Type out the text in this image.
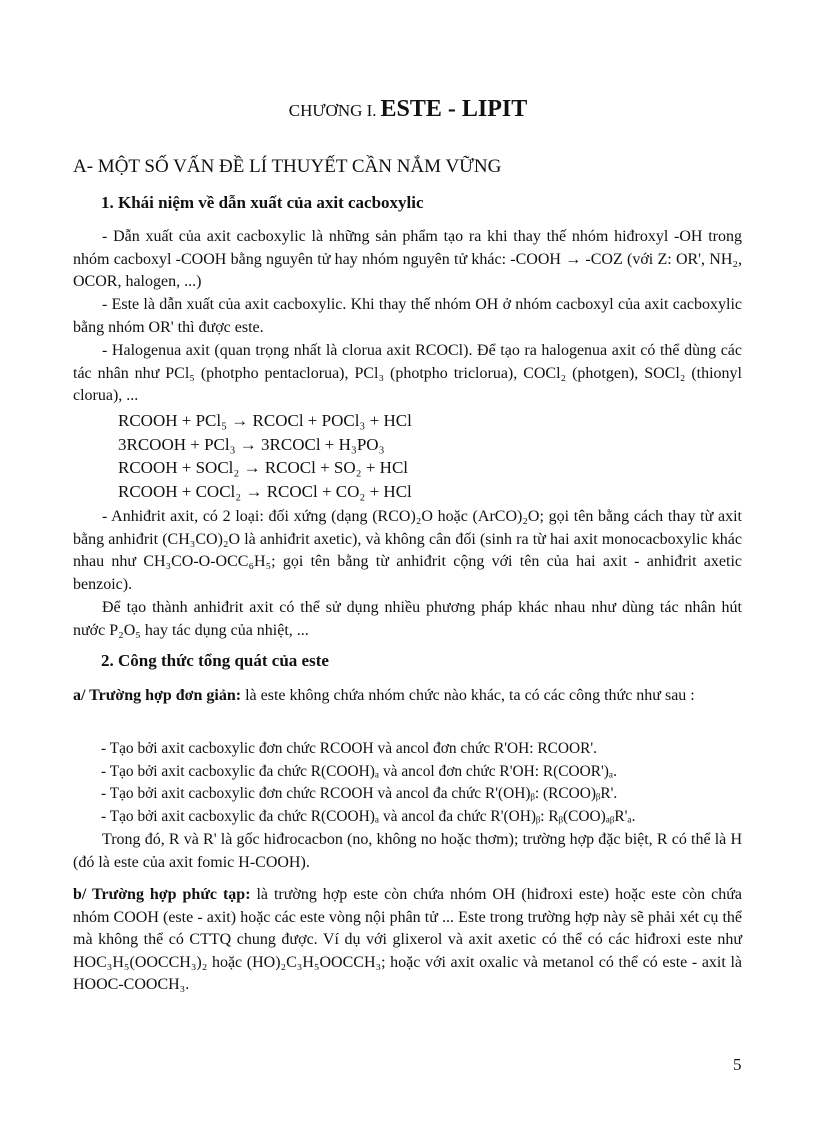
CHƯƠNG I. ESTE - LIPIT
A- MỘT SỐ VẤN ĐỀ LÍ THUYẾT CẦN NẮM VỮNG
1. Khái niệm về dẫn xuất của axit cacboxylic

- Dẫn xuất của axit cacboxylic là những sản phẩm tạo ra khi thay thế nhóm hiđroxyl -OH trong nhóm cacboxyl -COOH bằng nguyên tử hay nhóm nguyên tử khác: -COOH → -COZ (với Z: OR', NH₂, OCOR, halogen, ...)

- Este là dẫn xuất của axit cacboxylic. Khi thay thế nhóm OH ở nhóm cacboxyl của axit cacboxylic bằng nhóm OR' thì được este.

- Halogenua axit (quan trọng nhất là clorua axit RCOCl). Để tạo ra halogenua axit có thể dùng các tác nhân như PCl₅ (photpho pentaclorua), PCl₃ (photpho triclorua), COCl₂ (photgen), SOCl₂ (thionyl clorua), ...

RCOOH + PCl₅ → RCOCl + POCl₃ + HCl
3RCOOH + PCl₃ → 3RCOCl + H₃PO₃
RCOOH + SOCl₂ → RCOCl + SO₂ + HCl
RCOOH + COCl₂ → RCOCl + CO₂ + HCl

- Anhiđrit axit, có 2 loại: đối xứng (dạng (RCO)₂O hoặc (ArCO)₂O; gọi tên bằng cách thay từ axit bằng anhiđrit (CH₃CO)₂O là anhiđrit axetic), và không cân đối (sinh ra từ hai axit monocacboxylic khác nhau như CH₃CO-O-OCC₆H₅; gọi tên bằng từ anhiđrit cộng với tên của hai axit - anhiđrit axetic benzoic).

Để tạo thành anhiđrit axit có thể sử dụng nhiều phương pháp khác nhau như dùng tác nhân hút nước P₂O₅ hay tác dụng của nhiệt, ...

2. Công thức tổng quát của este

a/ Trường hợp đơn giản: là este không chứa nhóm chức nào khác, ta có các công thức như sau :

- Tạo bởi axit cacboxylic đơn chức RCOOH và ancol đơn chức R'OH: RCOOR'.
- Tạo bởi axit cacboxylic đa chức R(COOH)ₐ và ancol đơn chức R'OH: R(COOR')ₐ.
- Tạo bởi axit cacboxylic đơn chức RCOOH và ancol đa chức R'(OH)ᵦ: (RCOO)ᵦR'.
- Tạo bởi axit cacboxylic đa chức R(COOH)ₐ và ancol đa chức R'(OH)ᵦ: Rᵦ(COO)ₐᵦR'ₐ.

Trong đó, R và R' là gốc hiđrocacbon (no, không no hoặc thơm); trường hợp đặc biệt, R có thể là H (đó là este của axit fomic H-COOH).

b/ Trường hợp phức tạp: là trường hợp este còn chứa nhóm OH (hiđroxi este) hoặc este còn chứa nhóm COOH (este - axit) hoặc các este vòng nội phân tử ... Este trong trường hợp này sẽ phải xét cụ thể mà không thể có CTTQ chung được. Ví dụ với glixerol và axit axetic có thể có các hiđroxi este như HOC₃H₅(OOCCH₃)₂ hoặc (HO)₂C₃H₅OOCCH₃; hoặc với axit oxalic và metanol có thể có este - axit là HOOC-COOCH₃.

5
